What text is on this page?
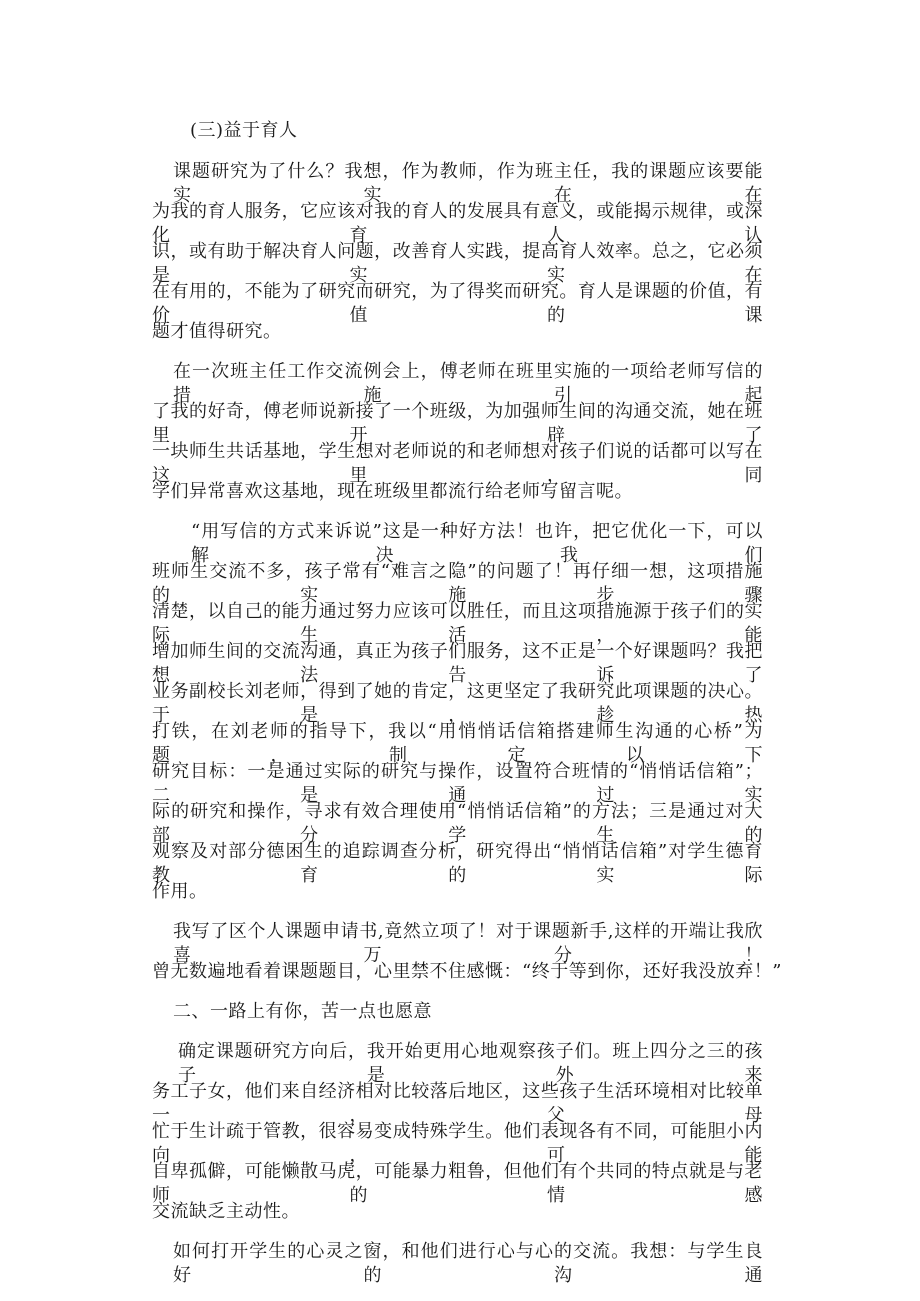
(三)益于育人
课题研究为了什么？我想，作为教师，作为班主任，我的课题应该要能实实在在
为我的育人服务，它应该对我的育人的发展具有意义，或能揭示规律，或深化育人认
识，或有助于解决育人问题，改善育人实践，提高育人效率。总之，它必须是实实在
在有用的，不能为了研究而研究，为了得奖而研究。育人是课题的价值，有价值的课
题才值得研究。
在一次班主任工作交流例会上，傅老师在班里实施的一项给老师写信的措施引起
了我的好奇，傅老师说新接了一个班级，为加强师生间的沟通交流，她在班里开辟了
一块师生共话基地，学生想对老师说的和老师想对孩子们说的话都可以写在这里，同
学们异常喜欢这基地，现在班级里都流行给老师写留言呢。
“用写信的方式来诉说”这是一种好方法！也许，把它优化一下，可以解决我们
班师生交流不多，孩子常有“难言之隐”的问题了！再仔细一想，这项措施的实施步骤
清楚，以自己的能力通过努力应该可以胜任，而且这项措施源于孩子们的实际生活，能
增加师生间的交流沟通，真正为孩子们服务，这不正是一个好课题吗？我把想法告诉了
业务副校长刘老师，得到了她的肯定，这更坚定了我研究此项课题的决心。于是，趁热
打铁，在刘老师的指导下，我以“用悄悄话信箱搭建师生沟通的心桥”为题，制定以下
研究目标：一是通过实际的研究与操作，设置符合班情的“悄悄话信箱”；二是通过实
际的研究和操作，寻求有效合理使用“悄悄话信箱”的方法；三是通过对大部分学生的
观察及对部分德困生的追踪调查分析，研究得出“悄悄话信箱”对学生德育教育的实际
作用。
我写了区个人课题申请书,竟然立项了！对于课题新手,这样的开端让我欣喜万分！
曾无数遍地看着课题题目，心里禁不住感慨：“终于等到你，还好我没放弃！”
二、一路上有你，苦一点也愿意
确定课题研究方向后，我开始更用心地观察孩子们。班上四分之三的孩子是外来
务工子女，他们来自经济相对比较落后地区，这些孩子生活环境相对比较单一，父母
忙于生计疏于管教，很容易变成特殊学生。他们表现各有不同，可能胆小内向，可能
自卑孤僻，可能懒散马虎，可能暴力粗鲁，但他们有个共同的特点就是与老师的情感
交流缺乏主动性。
如何打开学生的心灵之窗，和他们进行心与心的交流。我想：与学生良好的沟通
